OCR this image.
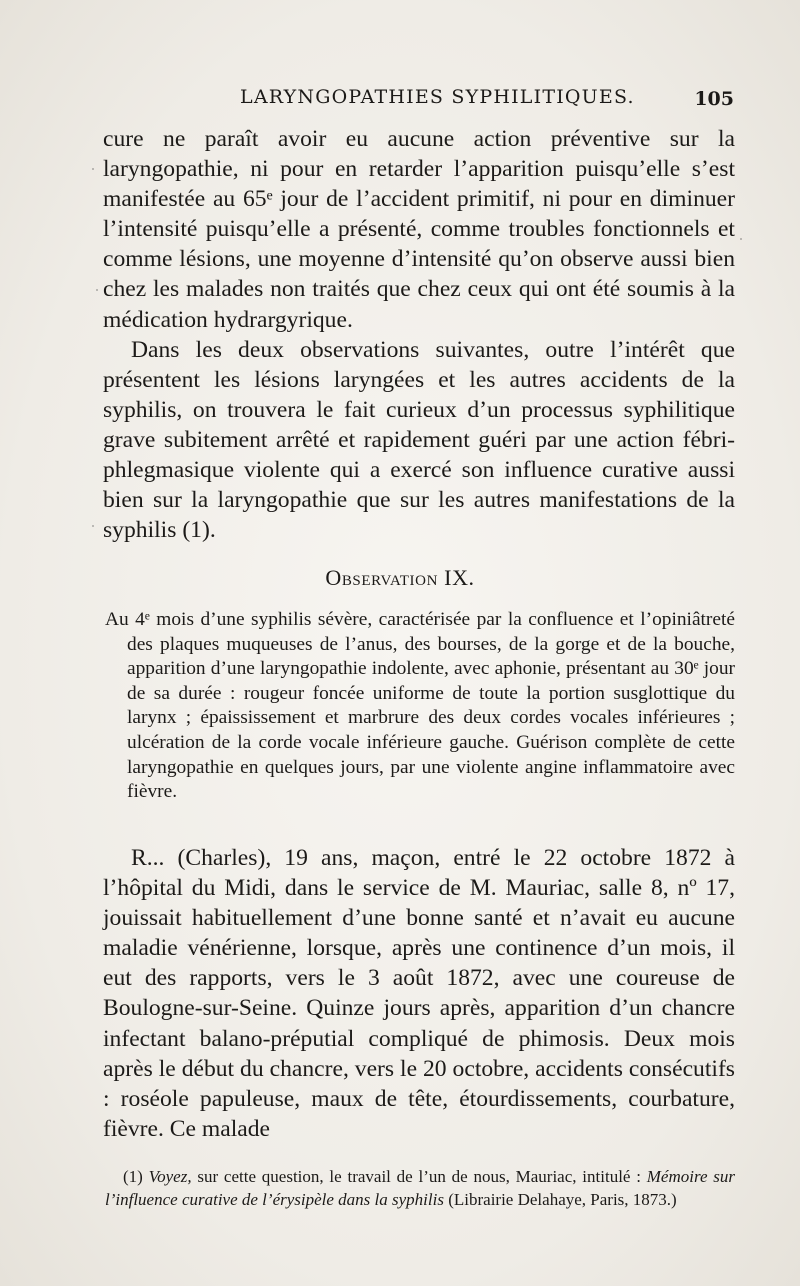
LARYNGOPATHIES SYPHILITIQUES.	105

cure ne paraît avoir eu aucune action préventive sur la laryngopathie, ni pour en retarder l’apparition puisqu’elle s’est manifestée au 65ᵉ jour de l’accident primitif, ni pour en diminuer l’intensité puisqu’elle a présenté, comme troubles fonctionnels et comme lésions, une moyenne d’intensité qu’on observe aussi bien chez les malades non traités que chez ceux qui ont été soumis à la médication hydrargyrique.

Dans les deux observations suivantes, outre l’intérêt que présentent les lésions laryngées et les autres accidents de la syphilis, on trouvera le fait curieux d’un processus syphilitique grave subitement arrêté et rapidement guéri par une action fébri-phlegmasique violente qui a exercé son influence curative aussi bien sur la laryngopathie que sur les autres manifestations de la syphilis (1).

Observation IX.
Au 4ᵉ mois d’une syphilis sévère, caractérisée par la confluence et l’opiniâtreté des plaques muqueuses de l’anus, des bourses, de la gorge et de la bouche, apparition d’une laryngopathie indolente, avec aphonie, présentant au 30ᵉ jour de sa durée : rougeur foncée uniforme de toute la portion susglottique du larynx ; épaississement et marbrure des deux cordes vocales inférieures ; ulcération de la corde vocale inférieure gauche. Guérison complète de cette laryngopathie en quelques jours, par une violente angine inflammatoire avec fièvre.

R... (Charles), 19 ans, maçon, entré le 22 octobre 1872 à l’hôpital du Midi, dans le service de M. Mauriac, salle 8, nº 17, jouissait habituellement d’une bonne santé et n’avait eu aucune maladie vénérienne, lorsque, après une continence d’un mois, il eut des rapports, vers le 3 août 1872, avec une coureuse de Boulogne-sur-Seine. Quinze jours après, apparition d’un chancre infectant balano-préputial compliqué de phimosis. Deux mois après le début du chancre, vers le 20 octobre, accidents consécutifs : roséole papuleuse, maux de tête, étourdissements, courbature, fièvre. Ce malade

(1) Voyez, sur cette question, le travail de l’un de nous, Mauriac, intitulé : Mémoire sur l’influence curative de l’érysipèle dans la syphilis (Librairie Delahaye, Paris, 1873.)
